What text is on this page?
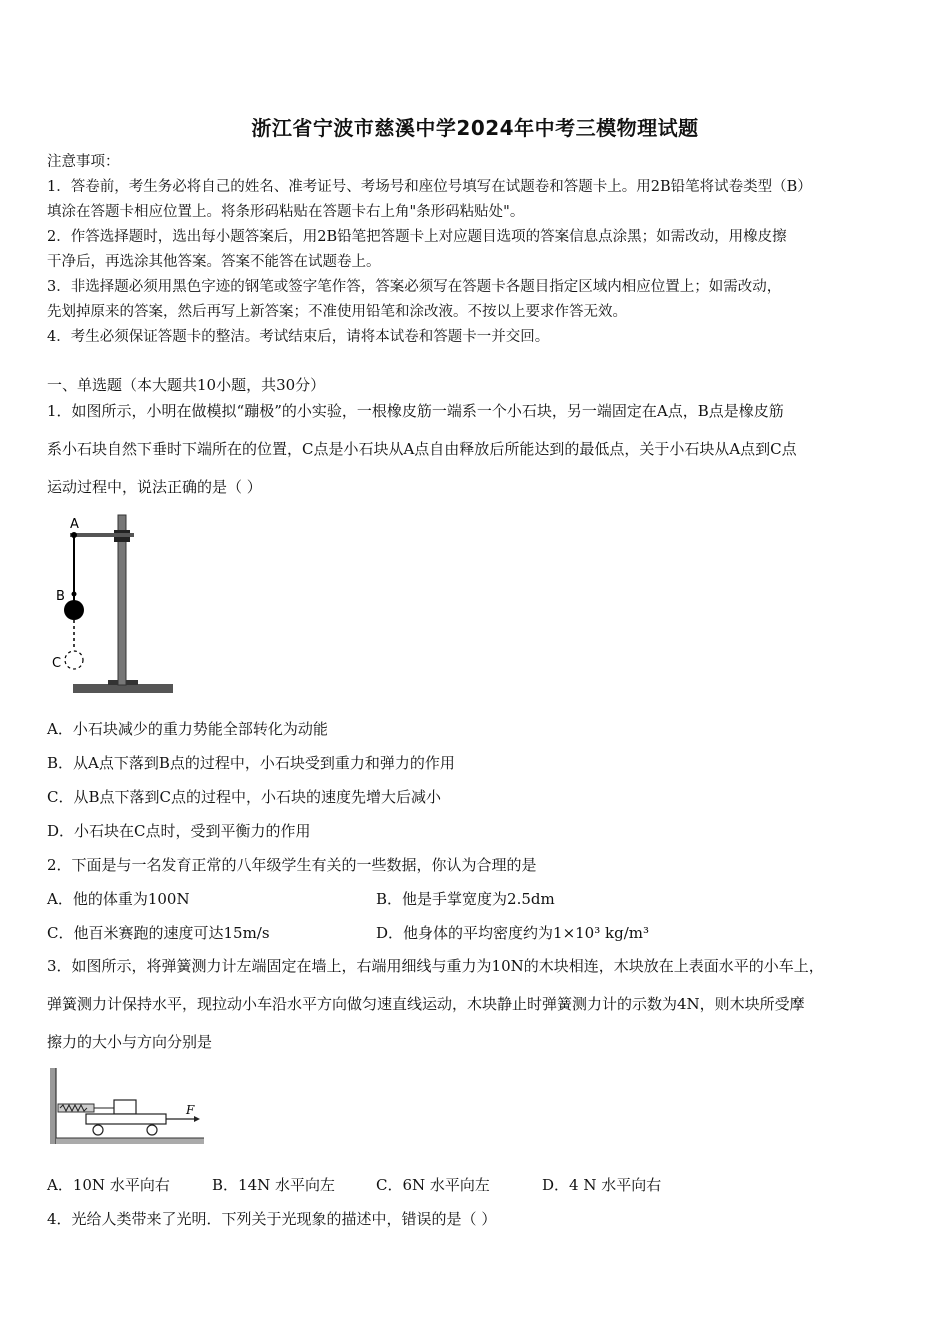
浙江省宁波市慈溪中学2024年中考三模物理试题
注意事项：
1．答卷前，考生务必将自己的姓名、准考证号、考场号和座位号填写在试题卷和答题卡上。用2B铅笔将试卷类型（B）
填涂在答题卡相应位置上。将条形码粘贴在答题卡右上角"条形码粘贴处"。
2．作答选择题时，选出每小题答案后，用2B铅笔把答题卡上对应题目选项的答案信息点涂黑；如需改动，用橡皮擦
干净后，再选涂其他答案。答案不能答在试题卷上。
3．非选择题必须用黑色字迹的钢笔或签字笔作答，答案必须写在答题卡各题目指定区域内相应位置上；如需改动，
先划掉原来的答案，然后再写上新答案；不准使用铅笔和涂改液。不按以上要求作答无效。
4．考生必须保证答题卡的整洁。考试结束后，请将本试卷和答题卡一并交回。
一、单选题（本大题共10小题，共30分）
1．如图所示，小明在做模拟“蹦极”的小实验，一根橡皮筋一端系一个小石块，另一端固定在A点，B点是橡皮筋
系小石块自然下垂时下端所在的位置，C点是小石块从A点自由释放后所能达到的最低点，关于小石块从A点到C点
运动过程中，说法正确的是（ ）
A
B
C
A．小石块减少的重力势能全部转化为动能
B．从A点下落到B点的过程中，小石块受到重力和弹力的作用
C．从B点下落到C点的过程中，小石块的速度先增大后减小
D．小石块在C点时，受到平衡力的作用
2．下面是与一名发育正常的八年级学生有关的一些数据，你认为合理的是
A．他的体重为100N	B．他是手掌宽度为2.5dm
C．他百米赛跑的速度可达15m/s	D．他身体的平均密度约为1×10³ kg/m³
3．如图所示，将弹簧测力计左端固定在墙上，右端用细线与重力为10N的木块相连，木块放在上表面水平的小车上，
弹簧测力计保持水平，现拉动小车沿水平方向做匀速直线运动，木块静止时弹簧测力计的示数为4N，则木块所受摩
擦力的大小与方向分别是
F
A．10N 水平向右	B．14N 水平向左	C．6N 水平向左	D．4 N 水平向右
4．光给人类带来了光明．下列关于光现象的描述中，错误的是（ ）
